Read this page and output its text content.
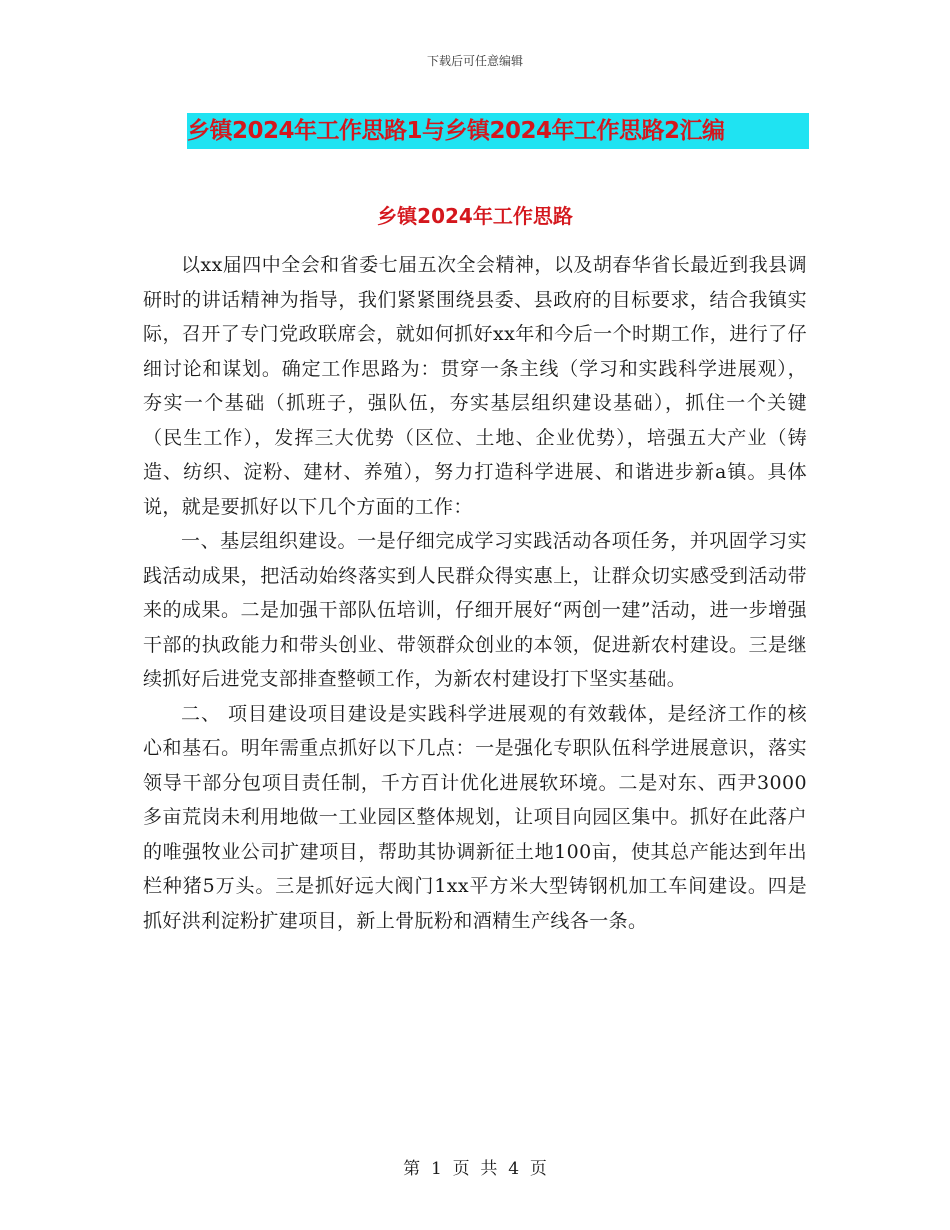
下载后可任意编辑
乡镇2024年工作思路1与乡镇2024年工作思路2汇编
乡镇2024年工作思路

以xx届四中全会和省委七届五次全会精神，以及胡春华省长最近到我县调研时的讲话精神为指导，我们紧紧围绕县委、县政府的目标要求，结合我镇实际，召开了专门党政联席会，就如何抓好xx年和今后一个时期工作，进行了仔细讨论和谋划。确定工作思路为：贯穿一条主线（学习和实践科学进展观），夯实一个基础（抓班子，强队伍，夯实基层组织建设基础），抓住一个关键（民生工作），发挥三大优势（区位、土地、企业优势），培强五大产业（铸造、纺织、淀粉、建材、养殖），努力打造科学进展、和谐进步新a镇。具体说，就是要抓好以下几个方面的工作：

一、基层组织建设。一是仔细完成学习实践活动各项任务，并巩固学习实践活动成果，把活动始终落实到人民群众得实惠上，让群众切实感受到活动带来的成果。二是加强干部队伍培训，仔细开展好“两创一建”活动，进一步增强干部的执政能力和带头创业、带领群众创业的本领，促进新农村建设。三是继续抓好后进党支部排查整顿工作，为新农村建设打下坚实基础。

二、 项目建设项目建设是实践科学进展观的有效载体，是经济工作的核心和基石。明年需重点抓好以下几点：一是强化专职队伍科学进展意识，落实领导干部分包项目责任制，千方百计优化进展软环境。二是对东、西尹3000多亩荒岗未利用地做一工业园区整体规划，让项目向园区集中。抓好在此落户的唯强牧业公司扩建项目，帮助其协调新征土地100亩，使其总产能达到年出栏种猪5万头。三是抓好远大阀门1xx平方米大型铸钢机加工车间建设。四是抓好洪利淀粉扩建项目，新上骨朊粉和酒精生产线各一条。

第  1  页  共  4  页
